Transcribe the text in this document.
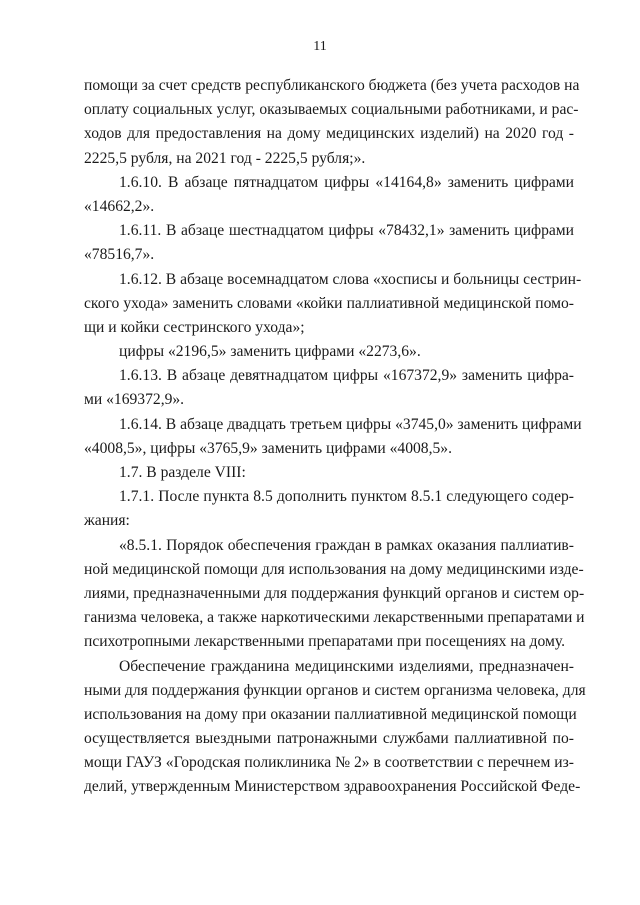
11
помощи за счет средств республиканского бюджета (без учета расходов на
оплату социальных услуг, оказываемых социальными работниками, и рас-
ходов для предоставления на дому медицинских изделий) на 2020 год -
2225,5 рубля, на 2021 год - 2225,5 рубля;».
1.6.10. В абзаце пятнадцатом цифры «14164,8» заменить цифрами
«14662,2».
1.6.11. В абзаце шестнадцатом цифры «78432,1» заменить цифрами
«78516,7».
1.6.12. В абзаце восемнадцатом слова «хосписы и больницы сестрин-
ского ухода» заменить словами «койки паллиативной медицинской помо-
щи и койки сестринского ухода»;
цифры «2196,5» заменить цифрами «2273,6».
1.6.13. В абзаце девятнадцатом цифры «167372,9» заменить цифра-
ми «169372,9».
1.6.14. В абзаце двадцать третьем цифры «3745,0» заменить цифрами
«4008,5», цифры «3765,9» заменить цифрами «4008,5».
1.7. В разделе VIII:
1.7.1. После пункта 8.5 дополнить пунктом 8.5.1 следующего содер-
жания:
«8.5.1. Порядок обеспечения граждан в рамках оказания паллиатив-
ной медицинской помощи для использования на дому медицинскими изде-
лиями, предназначенными для поддержания функций органов и систем ор-
ганизма человека, а также наркотическими лекарственными препаратами и
психотропными лекарственными препаратами при посещениях на дому.
Обеспечение гражданина медицинскими изделиями, предназначен-
ными для поддержания функции органов и систем организма человека, для
использования на дому при оказании паллиативной медицинской помощи
осуществляется выездными патронажными службами паллиативной по-
мощи ГАУЗ «Городская поликлиника № 2» в соответствии с перечнем из-
делий, утвержденным Министерством здравоохранения Российской Феде-
